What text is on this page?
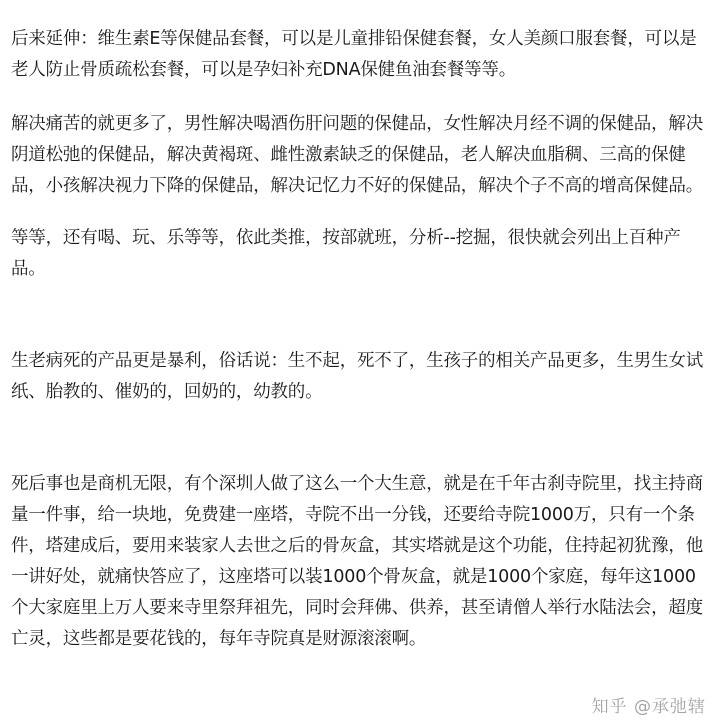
后来延伸：维生素E等保健品套餐，可以是儿童排铅保健套餐，女人美颜口服套餐，可以是老人防止骨质疏松套餐，可以是孕妇补充DNA保健鱼油套餐等等。

解决痛苦的就更多了，男性解决喝酒伤肝问题的保健品，女性解决月经不调的保健品，解决阴道松弛的保健品，解决黄褐斑、雌性激素缺乏的保健品，老人解决血脂稠、三高的保健品，小孩解决视力下降的保健品，解决记忆力不好的保健品，解决个子不高的增高保健品。

等等，还有喝、玩、乐等等，依此类推，按部就班，分析--挖掘，很快就会列出上百种产品。

生老病死的产品更是暴利，俗话说：生不起，死不了，生孩子的相关产品更多，生男生女试纸、胎教的、催奶的，回奶的，幼教的。

死后事也是商机无限，有个深圳人做了这么一个大生意，就是在千年古刹寺院里，找主持商量一件事，给一块地，免费建一座塔，寺院不出一分钱，还要给寺院1000万，只有一个条件，塔建成后，要用来装家人去世之后的骨灰盒，其实塔就是这个功能，住持起初犹豫，他一讲好处，就痛快答应了，这座塔可以装1000个骨灰盒，就是1000个家庭，每年这1000个大家庭里上万人要来寺里祭拜祖先，同时会拜佛、供养，甚至请僧人举行水陆法会，超度亡灵，这些都是要花钱的，每年寺院真是财源滚滚啊。

知乎 @承弛辖
